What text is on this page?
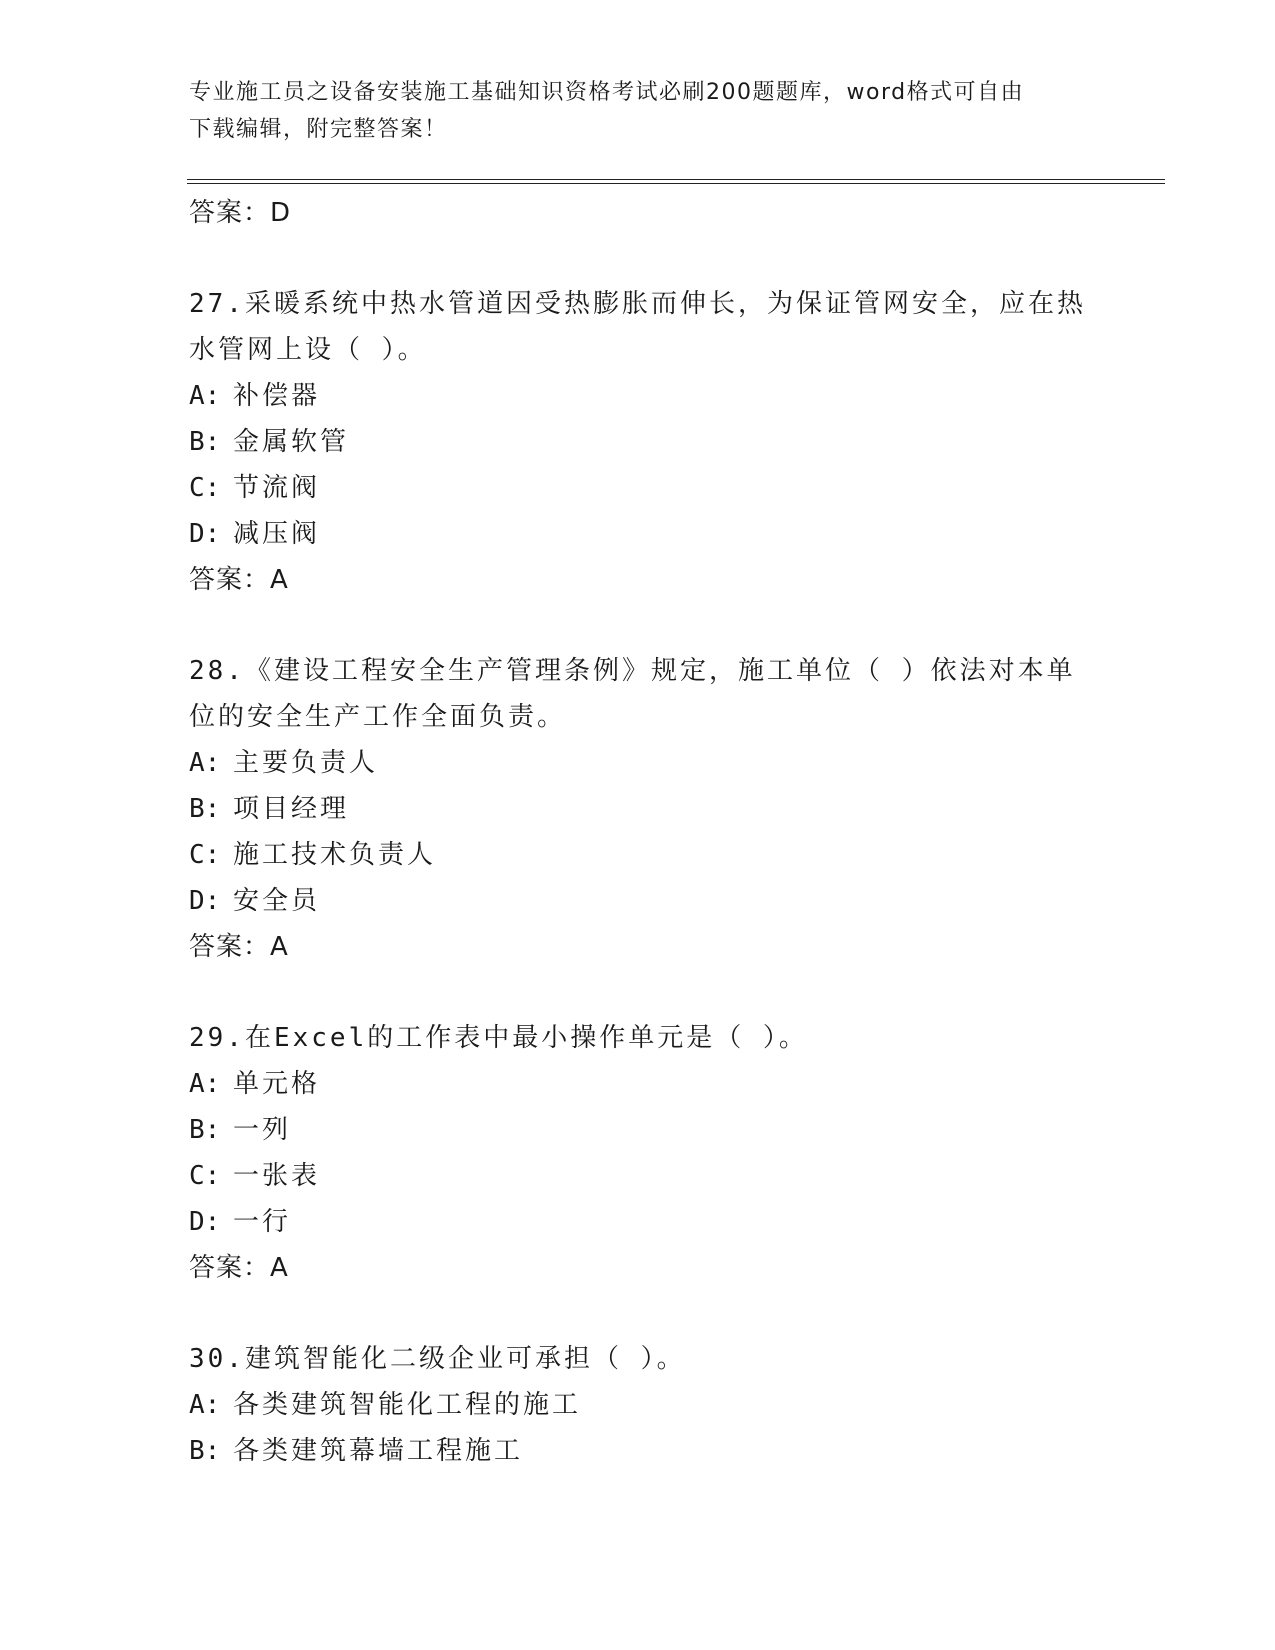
专业施工员之设备安装施工基础知识资格考试必刷200题题库，word格式可自由
下载编辑，附完整答案！
答案：D
27.采暖系统中热水管道因受热膨胀而伸长，为保证管网安全，应在热
水管网上设（ ）。
A : 补偿器
B : 金属软管
C : 节流阀
D : 减压阀
答案：A
28.《建设工程安全生产管理条例》规定，施工单位（ ）依法对本单
位的安全生产工作全面负责。
A : 主要负责人
B : 项目经理
C : 施工技术负责人
D : 安全员
答案：A
29.在Excel的工作表中最小操作单元是（ ）。
A : 单元格
B : 一列
C : 一张表
D : 一行
答案：A
30.建筑智能化二级企业可承担（ ）。
A : 各类建筑智能化工程的施工
B : 各类建筑幕墙工程施工
